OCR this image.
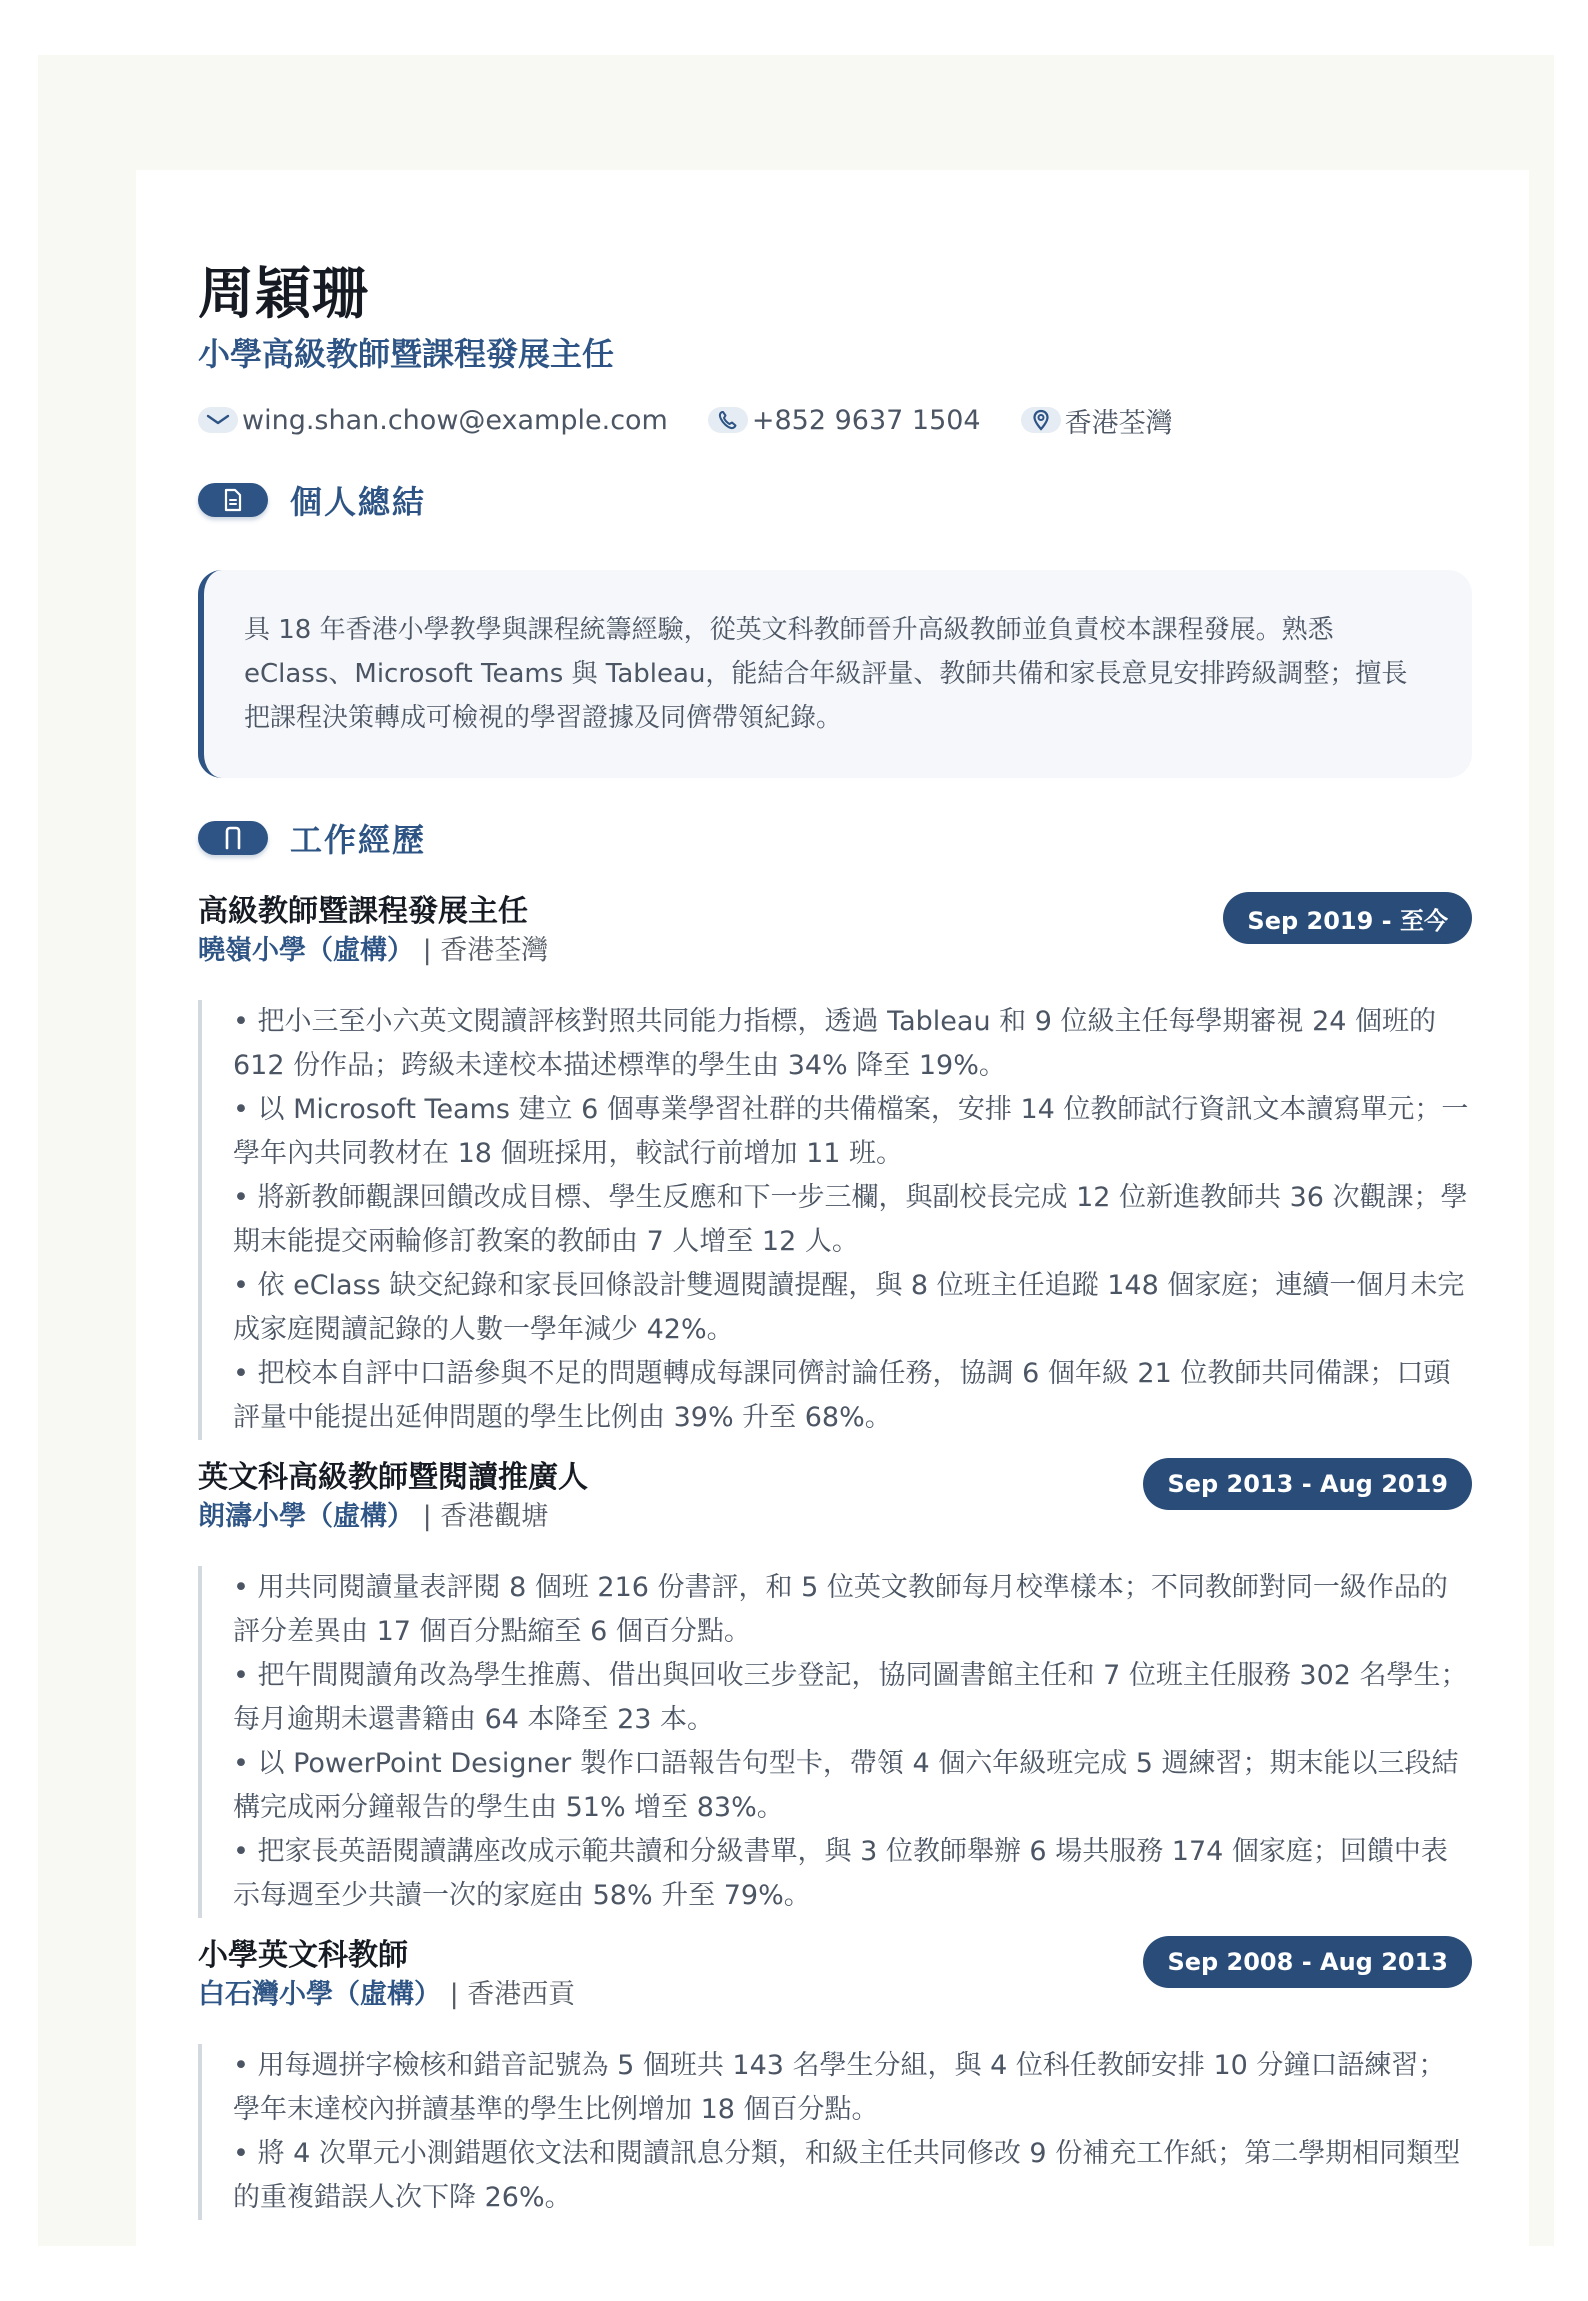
周穎珊
小學高級教師暨課程發展主任
wing.shan.chow@example.com	+852 9637 1504	香港荃灣
個人總結
具 18 年香港小學教學與課程統籌經驗，從英文科教師晉升高級教師並負責校本課程發展。熟悉 eClass、Microsoft Teams 與 Tableau，能結合年級評量、教師共備和家長意見安排跨級調整；擅長把課程決策轉成可檢視的學習證據及同儕帶領紀錄。
工作經歷
高級教師暨課程發展主任
曉嶺小學（虛構） | 香港荃灣
Sep 2019 - 至今
• 把小三至小六英文閱讀評核對照共同能力指標，透過 Tableau 和 9 位級主任每學期審視 24 個班的 612 份作品；跨級未達校本描述標準的學生由 34% 降至 19%。
• 以 Microsoft Teams 建立 6 個專業學習社群的共備檔案，安排 14 位教師試行資訊文本讀寫單元；一學年內共同教材在 18 個班採用，較試行前增加 11 班。
• 將新教師觀課回饋改成目標、學生反應和下一步三欄，與副校長完成 12 位新進教師共 36 次觀課；學期末能提交兩輪修訂教案的教師由 7 人增至 12 人。
• 依 eClass 缺交紀錄和家長回條設計雙週閱讀提醒，與 8 位班主任追蹤 148 個家庭；連續一個月未完成家庭閱讀記錄的人數一學年減少 42%。
• 把校本自評中口語參與不足的問題轉成每課同儕討論任務，協調 6 個年級 21 位教師共同備課；口頭評量中能提出延伸問題的學生比例由 39% 升至 68%。
英文科高級教師暨閱讀推廣人
朗濤小學（虛構） | 香港觀塘
Sep 2013 - Aug 2019
• 用共同閱讀量表評閱 8 個班 216 份書評，和 5 位英文教師每月校準樣本；不同教師對同一級作品的評分差異由 17 個百分點縮至 6 個百分點。
• 把午間閱讀角改為學生推薦、借出與回收三步登記，協同圖書館主任和 7 位班主任服務 302 名學生；每月逾期未還書籍由 64 本降至 23 本。
• 以 PowerPoint Designer 製作口語報告句型卡，帶領 4 個六年級班完成 5 週練習；期末能以三段結構完成兩分鐘報告的學生由 51% 增至 83%。
• 把家長英語閱讀講座改成示範共讀和分級書單，與 3 位教師舉辦 6 場共服務 174 個家庭；回饋中表示每週至少共讀一次的家庭由 58% 升至 79%。
小學英文科教師
白石灣小學（虛構） | 香港西貢
Sep 2008 - Aug 2013
• 用每週拼字檢核和錯音記號為 5 個班共 143 名學生分組，與 4 位科任教師安排 10 分鐘口語練習；學年末達校內拼讀基準的學生比例增加 18 個百分點。
• 將 4 次單元小測錯題依文法和閱讀訊息分類，和級主任共同修改 9 份補充工作紙；第二學期相同類型的重複錯誤人次下降 26%。
